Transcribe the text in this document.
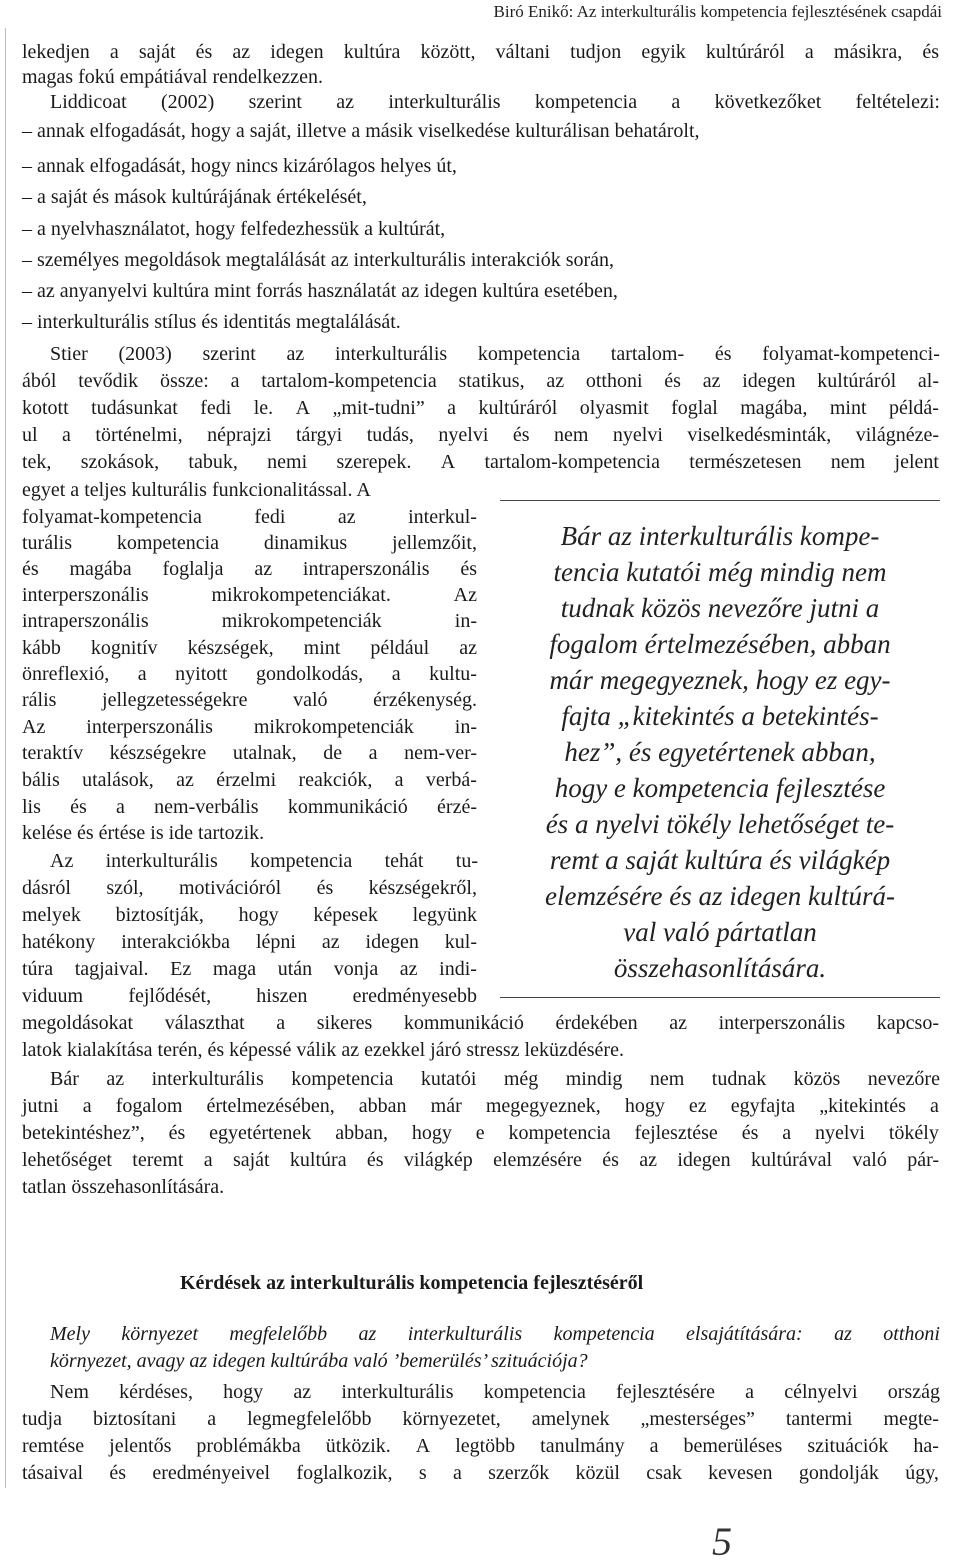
Biró Enikő: Az interkulturális kompetencia fejlesztésének csapdái
lekedjen a saját és az idegen kultúra között, váltani tudjon egyik kultúráról a másikra, és
magas fokú empátiával rendelkezzen.
Liddicoat (2002) szerint az interkulturális kompetencia a következőket feltételezi:
– annak elfogadását, hogy a saját, illetve a másik viselkedése kulturálisan behatárolt,
– annak elfogadását, hogy nincs kizárólagos helyes út,
– a saját és mások kultúrájának értékelését,
– a nyelvhasználatot, hogy felfedezhessük a kultúrát,
– személyes megoldások megtalálását az interkulturális interakciók során,
– az anyanyelvi kultúra mint forrás használatát az idegen kultúra esetében,
– interkulturális stílus és identitás megtalálását.
Stier (2003) szerint az interkulturális kompetencia tartalom- és folyamat-kompetenci-
ából tevődik össze: a tartalom-kompetencia statikus, az otthoni és az idegen kultúráról al-
kotott tudásunkat fedi le. A „mit-tudni” a kultúráról olyasmit foglal magába, mint példá-
ul a történelmi, néprajzi tárgyi tudás, nyelvi és nem nyelvi viselkedésminták, világnéze-
tek, szokások, tabuk, nemi szerepek. A tartalom-kompetencia természetesen nem jelent
egyet a teljes kulturális funkcionalitással. A
folyamat-kompetencia	fedi	az	interkul-
turális kompetencia dinamikus jellemzőit,
és magába foglalja az intraperszonális és
interperszonális	mikrokompetenciákat.	Az
intraperszonális	mikrokompetenciák	in-
kább kognitív készségek, mint például az
önreflexió, a nyitott gondolkodás, a kultu-
rális jellegzetességekre való érzékenység.
Az interperszonális mikrokompetenciák in-
teraktív készségekre utalnak, de a nem-ver-
bális utalások, az érzelmi reakciók, a verbá-
lis és a nem-verbális kommunikáció érzé-
kelése és értése is ide tartozik.
Az interkulturális kompetencia tehát tu-
dásról szól, motivációról és készségekről,
melyek biztosítják, hogy képesek legyünk
hatékony interakciókba lépni az idegen kul-
túra tagjaival. Ez maga után vonja az indi-
viduum fejlődését, hiszen eredményesebb
megoldásokat választhat a sikeres kommunikáció érdekében az interperszonális kapcso-
latok kialakítása terén, és képessé válik az ezekkel járó stressz leküzdésére.
Bár az interkulturális kompetencia kutatói még mindig nem tudnak közös nevezőre
jutni a fogalom értelmezésében, abban már megegyeznek, hogy ez egyfajta „kitekintés a
betekintéshez”, és egyetértenek abban, hogy e kompetencia fejlesztése és a nyelvi tökély
lehetőséget teremt a saját kultúra és világkép elemzésére és az idegen kultúrával való pár-
tatlan összehasonlítására.
Bár az interkulturális kompe-
tencia kutatói még mindig nem
tudnak közös nevezőre jutni a
fogalom értelmezésében, abban
már megegyeznek, hogy ez egy-
fajta „kitekintés a betekintés-
hez”, és egyetértenek abban,
hogy e kompetencia fejlesztése
és a nyelvi tökély lehetőséget te-
remt a saját kultúra és világkép
elemzésére és az idegen kultúrá-
val való pártatlan
összehasonlítására.
Kérdések az interkulturális kompetencia fejlesztéséről
Mely környezet megfelelőbb az interkulturális kompetencia elsajátítására: az otthoni
környezet, avagy az idegen kultúrába való ’bemerülés’ szituációja?
Nem kérdéses, hogy az interkulturális kompetencia fejlesztésére a célnyelvi ország
tudja biztosítani a legmegfelelőbb környezetet, amelynek „mesterséges” tantermi megte-
remtése jelentős problémákba ütközik. A legtöbb tanulmány a bemerüléses szituációk ha-
tásaival és eredményeivel foglalkozik, s a szerzők közül csak kevesen gondolják úgy,
5
